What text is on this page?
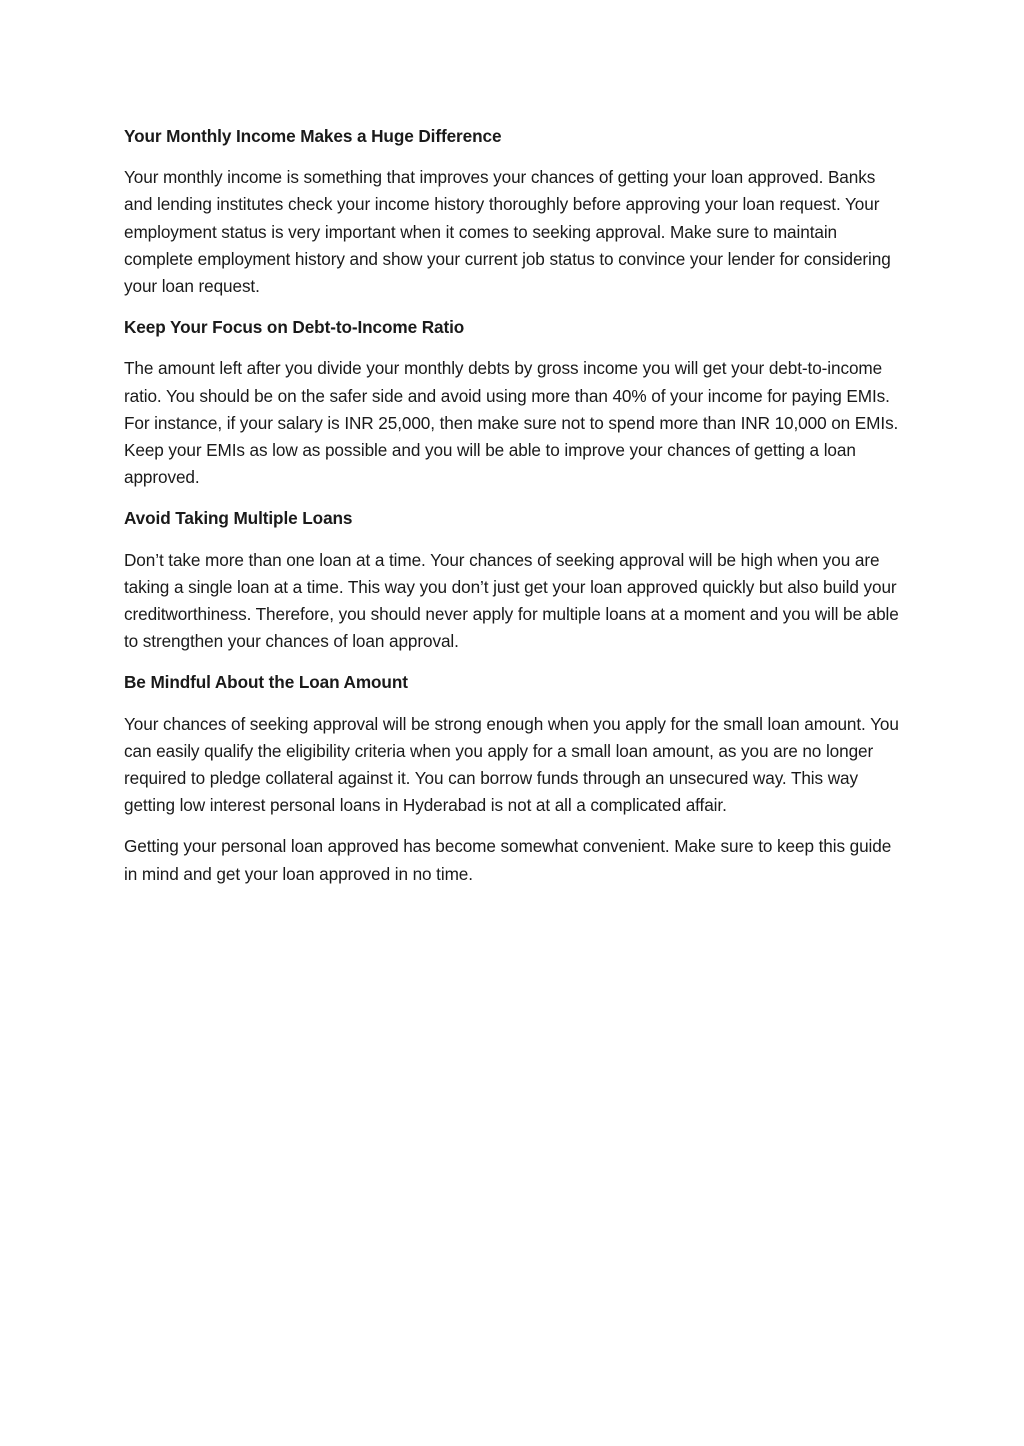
Your Monthly Income Makes a Huge Difference

Your monthly income is something that improves your chances of getting your loan approved. Banks and lending institutes check your income history thoroughly before approving your loan request. Your employment status is very important when it comes to seeking approval. Make sure to maintain complete employment history and show your current job status to convince your lender for considering your loan request.

Keep Your Focus on Debt-to-Income Ratio

The amount left after you divide your monthly debts by gross income you will get your debt-to-income ratio. You should be on the safer side and avoid using more than 40% of your income for paying EMIs. For instance, if your salary is INR 25,000, then make sure not to spend more than INR 10,000 on EMIs. Keep your EMIs as low as possible and you will be able to improve your chances of getting a loan approved.

Avoid Taking Multiple Loans

Don’t take more than one loan at a time. Your chances of seeking approval will be high when you are taking a single loan at a time. This way you don’t just get your loan approved quickly but also build your creditworthiness. Therefore, you should never apply for multiple loans at a moment and you will be able to strengthen your chances of loan approval.

Be Mindful About the Loan Amount

Your chances of seeking approval will be strong enough when you apply for the small loan amount. You can easily qualify the eligibility criteria when you apply for a small loan amount, as you are no longer required to pledge collateral against it. You can borrow funds through an unsecured way. This way getting low interest personal loans in Hyderabad is not at all a complicated affair.

Getting your personal loan approved has become somewhat convenient. Make sure to keep this guide in mind and get your loan approved in no time.
